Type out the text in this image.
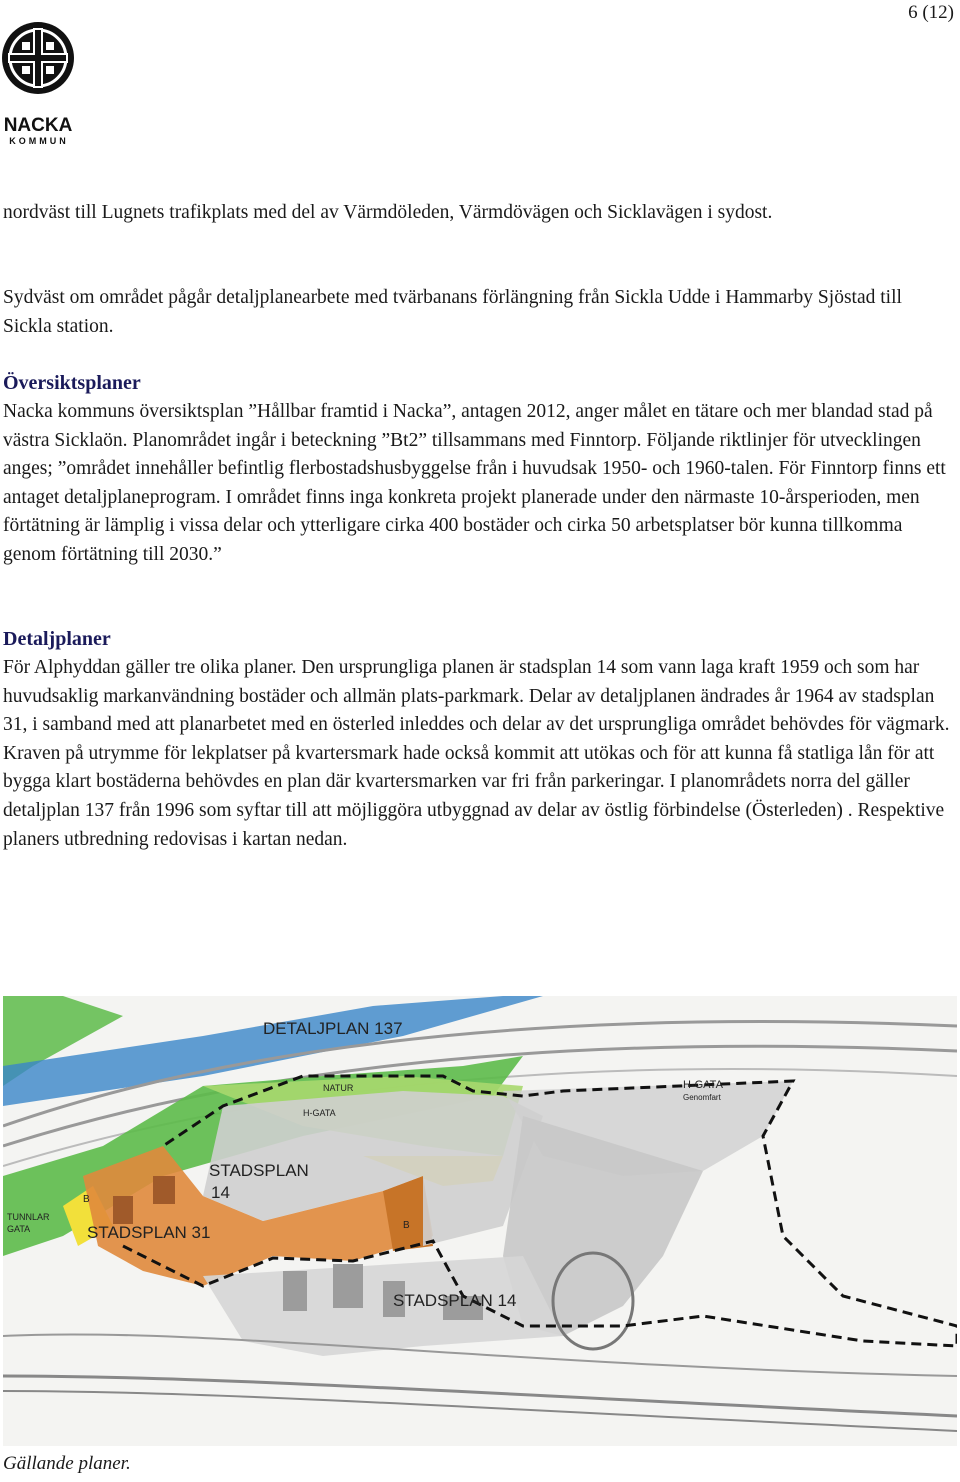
6 (12)
NACKA
KOMMUN

nordväst till Lugnets trafikplats med del av Värmdöleden, Värmdövägen och Sicklavägen i sydost.

Sydväst om området pågår detaljplanearbete med tvärbanans förlängning från Sickla Udde i Hammarby Sjöstad till Sickla station.

Översiktsplaner

Nacka kommuns översiktsplan ”Hållbar framtid i Nacka”, antagen 2012, anger målet en tätare och mer blandad stad på västra Sicklaön. Planområdet ingår i beteckning ”Bt2” tillsammans med Finntorp. Följande riktlinjer för utvecklingen anges; ”området innehåller befintlig flerbostadshusbyggelse från i huvudsak 1950- och 1960-talen. För Finntorp finns ett antaget detaljplaneprogram. I området finns inga konkreta projekt planerade under den närmaste 10-årsperioden, men förtätning är lämplig i vissa delar och ytterligare cirka 400 bostäder och cirka 50 arbetsplatser bör kunna tillkomma genom förtätning till 2030.”

Detaljplaner

För Alphyddan gäller tre olika planer. Den ursprungliga planen är stadsplan 14 som vann laga kraft 1959 och som har huvudsaklig markanvändning bostäder och allmän plats-parkmark. Delar av detaljplanen ändrades år 1964 av stadsplan 31, i samband med att planarbetet med en österled inleddes och delar av det ursprungliga området behövdes för vägmark. Kraven på utrymme för lekplatser på kvartersmark hade också kommit att utökas och för att kunna få statliga lån för att bygga klart bostäderna behövdes en plan där kvartersmarken var fri från parkeringar. I planområdets norra del gäller detaljplan 137 från 1996 som syftar till att möjliggöra utbyggnad av delar av östlig förbindelse (Österleden) . Respektive planers utbredning redovisas i kartan nedan.

DETALJPLAN 137
H-GATA
Genomfart
H-GATA
NATUR
STADSPLAN
14
STADSPLAN 31
STADSPLAN 14
TUNNLAR
GATA
B
B
Gällande planer.
